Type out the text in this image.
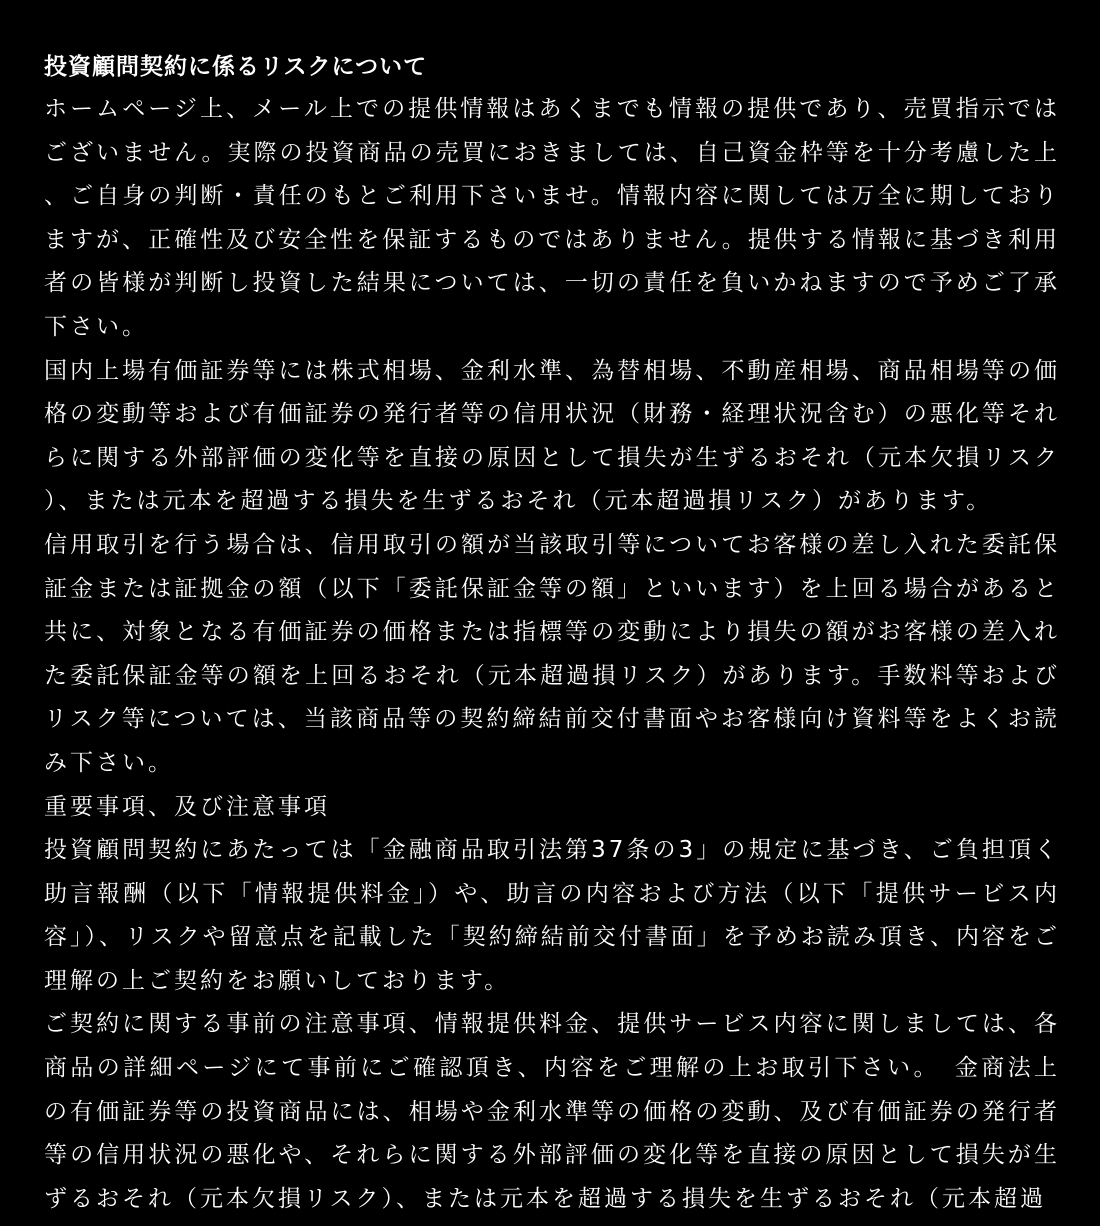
投資顧問契約に係るリスクについて

ホームページ上、メール上での提供情報はあくまでも情報の提供であり、売買指示ではございません。実際の投資商品の売買におきましては、自己資金枠等を十分考慮した上、ご自身の判断・責任のもとご利用下さいませ。情報内容に関しては万全に期しておりますが、正確性及び安全性を保証するものではありません。提供する情報に基づき利用者の皆様が判断し投資した結果については、一切の責任を負いかねますので予めご了承下さい。

国内上場有価証券等には株式相場、金利水準、為替相場、不動産相場、商品相場等の価格の変動等および有価証券の発行者等の信用状況（財務・経理状況含む）の悪化等それらに関する外部評価の変化等を直接の原因として損失が生ずるおそれ（元本欠損リスク）、または元本を超過する損失を生ずるおそれ（元本超過損リスク）があります。

信用取引を行う場合は、信用取引の額が当該取引等についてお客様の差し入れた委託保証金または証拠金の額（以下「委託保証金等の額」といいます）を上回る場合があると共に、対象となる有価証券の価格または指標等の変動により損失の額がお客様の差入れた委託保証金等の額を上回るおそれ（元本超過損リスク）があります。手数料等およびリスク等については、当該商品等の契約締結前交付書面やお客様向け資料等をよくお読み下さい。

重要事項、及び注意事項

投資顧問契約にあたっては「金融商品取引法第37条の3」の規定に基づき、ご負担頂く助言報酬（以下「情報提供料金」）や、助言の内容および方法（以下「提供サービス内容」）、リスクや留意点を記載した「契約締結前交付書面」を予めお読み頂き、内容をご理解の上ご契約をお願いしております。

ご契約に関する事前の注意事項、情報提供料金、提供サービス内容に関しましては、各商品の詳細ページにて事前にご確認頂き、内容をご理解の上お取引下さい。　金商法上の有価証券等の投資商品には、相場や金利水準等の価格の変動、及び有価証券の発行者等の信用状況の悪化や、それらに関する外部評価の変化等を直接の原因として損失が生ずるおそれ（元本欠損リスク）、または元本を超過する損失を生ずるおそれ（元本超過
